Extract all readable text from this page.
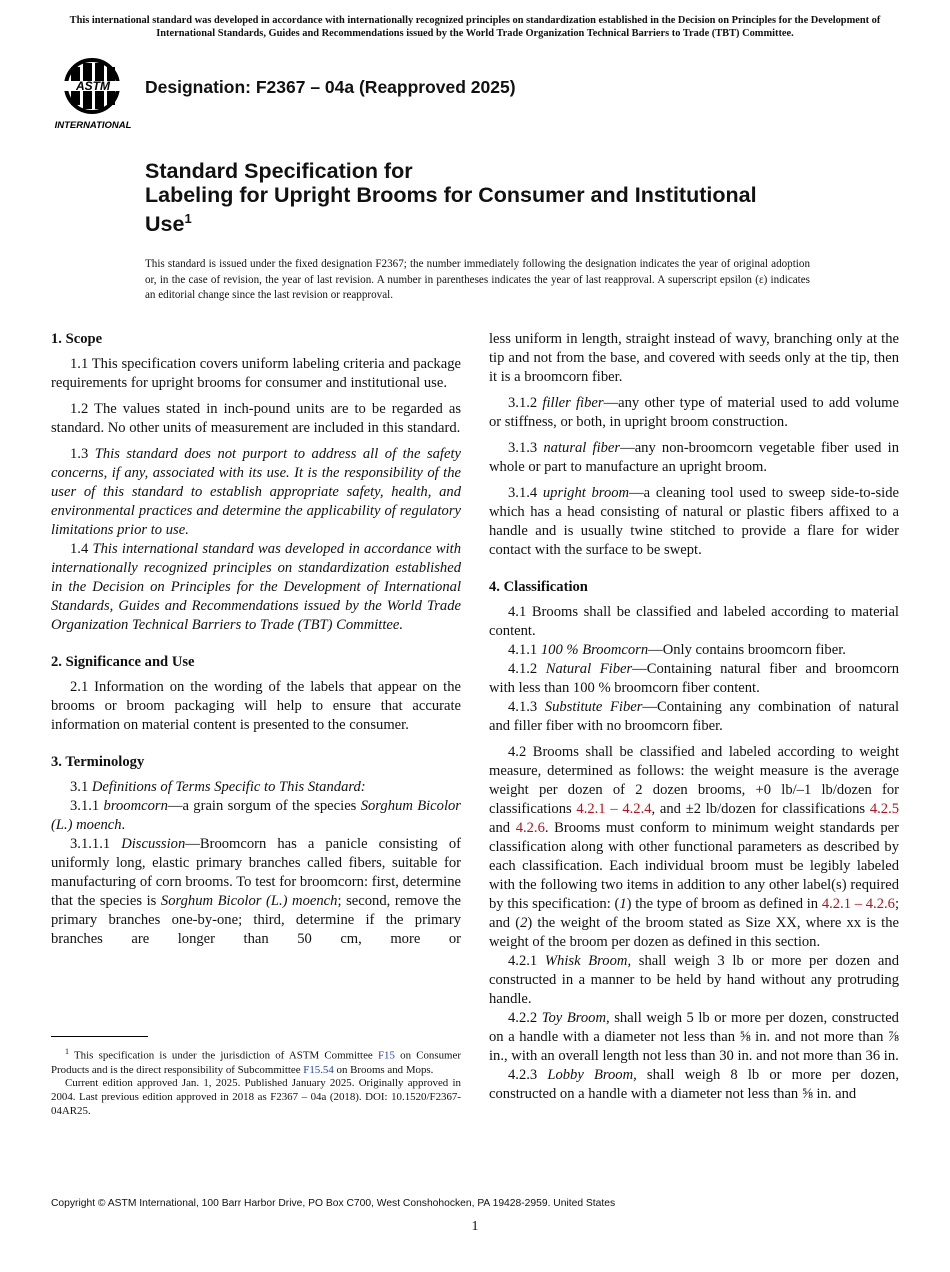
This international standard was developed in accordance with internationally recognized principles on standardization established in the Decision on Principles for the Development of International Standards, Guides and Recommendations issued by the World Trade Organization Technical Barriers to Trade (TBT) Committee.
ASTM
INTERNATIONAL
Designation: F2367 – 04a (Reapproved 2025)
Standard Specification for
Labeling for Upright Brooms for Consumer and Institutional
Use$^1$
This standard is issued under the fixed designation F2367; the number immediately following the designation indicates the year of original adoption or, in the case of revision, the year of last revision. A number in parentheses indicates the year of last reapproval. A superscript epsilon (ε) indicates an editorial change since the last revision or reapproval.
1. Scope

1.1 This specification covers uniform labeling criteria and package requirements for upright brooms for consumer and institutional use.

1.2 The values stated in inch-pound units are to be regarded as standard. No other units of measurement are included in this standard.

1.3 This standard does not purport to address all of the safety concerns, if any, associated with its use. It is the responsibility of the user of this standard to establish appropriate safety, health, and environmental practices and determine the applicability of regulatory limitations prior to use.

1.4 This international standard was developed in accordance with internationally recognized principles on standardization established in the Decision on Principles for the Development of International Standards, Guides and Recommendations issued by the World Trade Organization Technical Barriers to Trade (TBT) Committee.

2. Significance and Use

2.1 Information on the wording of the labels that appear on the brooms or broom packaging will help to ensure that accurate information on material content is presented to the consumer.

3. Terminology

3.1 Definitions of Terms Specific to This Standard:

3.1.1 broomcorn—a grain sorgum of the species Sorghum Bicolor (L.) moench.

3.1.1.1 Discussion—Broomcorn has a panicle consisting of uniformly long, elastic primary branches called fibers, suitable for manufacturing of corn brooms. To test for broomcorn: first, determine that the species is Sorghum Bicolor (L.) moench; second, remove the primary branches one-by-one; third, determine if the primary branches are longer than 50 cm, more or

less uniform in length, straight instead of wavy, branching only at the tip and not from the base, and covered with seeds only at the tip, then it is a broomcorn fiber.

3.1.2 filler fiber—any other type of material used to add volume or stiffness, or both, in upright broom construction.

3.1.3 natural fiber—any non-broomcorn vegetable fiber used in whole or part to manufacture an upright broom.

3.1.4 upright broom—a cleaning tool used to sweep side-to-side which has a head consisting of natural or plastic fibers affixed to a handle and is usually twine stitched to provide a flare for wider contact with the surface to be swept.

4. Classification

4.1 Brooms shall be classified and labeled according to material content.

4.1.1 100 % Broomcorn—Only contains broomcorn fiber.

4.1.2 Natural Fiber—Containing natural fiber and broomcorn with less than 100 % broomcorn fiber content.

4.1.3 Substitute Fiber—Containing any combination of natural and filler fiber with no broomcorn fiber.

4.2 Brooms shall be classified and labeled according to weight measure, determined as follows: the weight measure is the average weight per dozen of 2 dozen brooms, +0 lb/–1 lb/dozen for classifications 4.2.1 – 4.2.4, and ±2 lb/dozen for classifications 4.2.5 and 4.2.6. Brooms must conform to minimum weight standards per classification along with other functional parameters as described by each classification. Each individual broom must be legibly labeled with the following two items in addition to any other label(s) required by this specification: (1) the type of broom as defined in 4.2.1 – 4.2.6; and (2) the weight of the broom stated as Size XX, where xx is the weight of the broom per dozen as defined in this section.

4.2.1 Whisk Broom, shall weigh 3 lb or more per dozen and constructed in a manner to be held by hand without any protruding handle.

4.2.2 Toy Broom, shall weigh 5 lb or more per dozen, constructed on a handle with a diameter not less than ⅝ in. and not more than ⅞ in., with an overall length not less than 30 in. and not more than 36 in.

4.2.3 Lobby Broom, shall weigh 8 lb or more per dozen, constructed on a handle with a diameter not less than ⅝ in. and

$^1$ This specification is under the jurisdiction of ASTM Committee F15 on Consumer Products and is the direct responsibility of Subcommittee F15.54 on Brooms and Mops.

Current edition approved Jan. 1, 2025. Published January 2025. Originally approved in 2004. Last previous edition approved in 2018 as F2367 – 04a (2018). DOI: 10.1520/F2367-04AR25.

Copyright © ASTM International, 100 Barr Harbor Drive, PO Box C700, West Conshohocken, PA 19428-2959. United States
1
